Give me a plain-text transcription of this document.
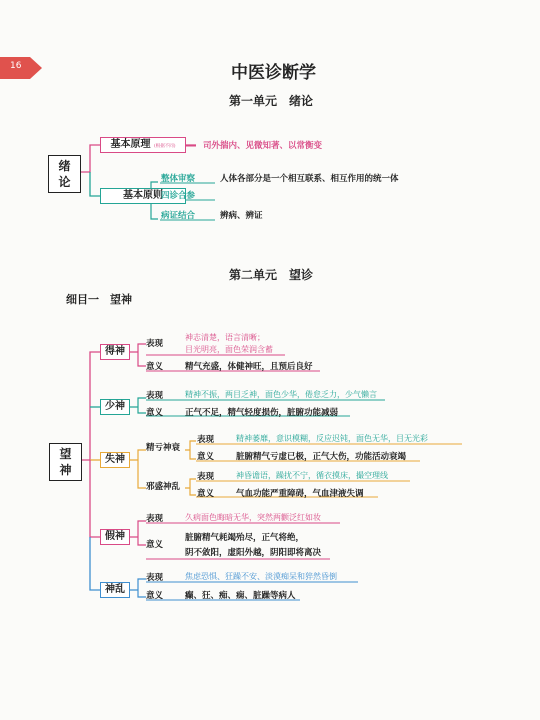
16	中医诊断学
第一单元　绪论
绪论
基本原理 (根据不同)	司外揣内、见微知著、以常衡变
基本原则
整体审察	人体各部分是一个相互联系、相互作用的统一体
四诊合参
病证结合	辨病、辨证
第二单元　望诊
细目一　望神
望神
得神
表现
神志清楚，语言清晰；
目光明亮，面色荣润含蓄
意义	精气充盛，体健神旺，且预后良好
少神
表现	精神不振，两目乏神，面色少华，倦怠乏力，少气懒言
意义	正气不足，精气轻度损伤，脏腑功能减弱
失神
精亏神衰
表现	精神萎靡，意识模糊，反应迟钝，面色无华，目无光彩
意义	脏腑精气亏虚已极，正气大伤，功能活动衰竭
邪盛神乱
表现	神昏谵语，躁扰不宁，循衣摸床，撮空理线
意义	气血功能严重障碍，气血津液失调
假神
表现	久病面色晦暗无华，突然两颧泛红如妆
意义
脏腑精气耗竭殆尽，正气将绝，
阴不敛阳，虚阳外越，阴阳即将离决
神乱
表现	焦虑恐惧、狂躁不安、淡漠痴呆和猝然昏倒
意义	癫、狂、痴、痫、脏躁等病人
